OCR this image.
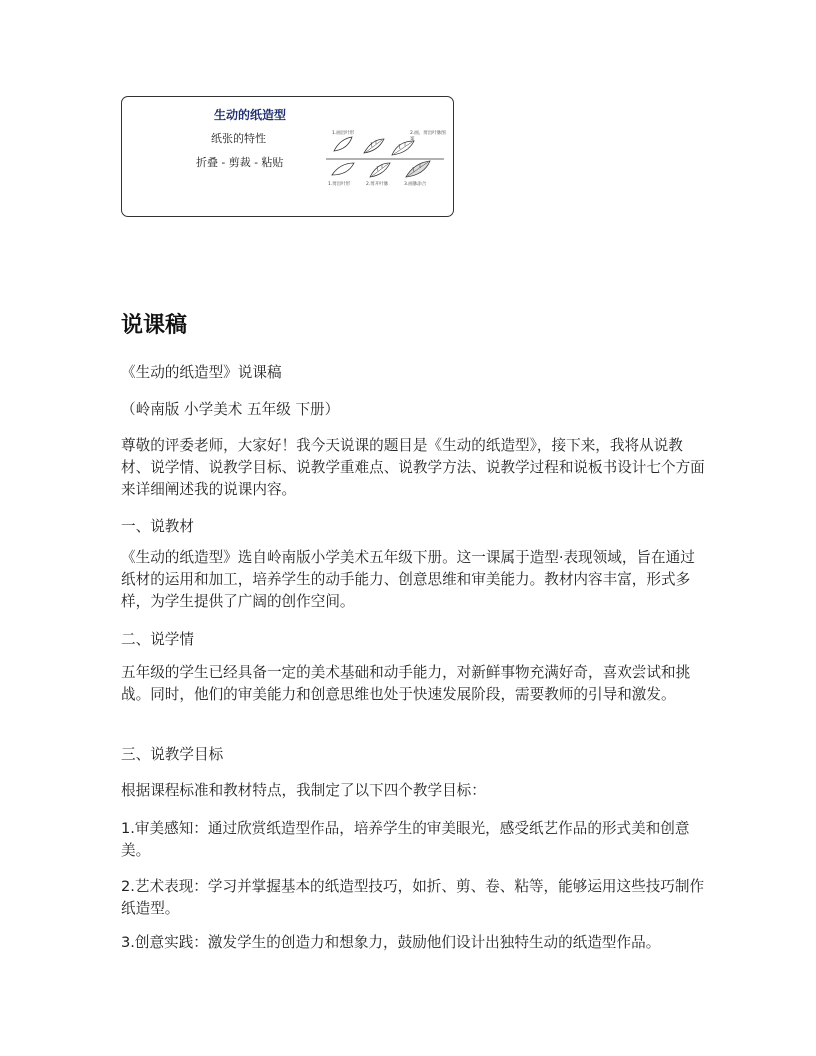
生动的纸造型
纸张的特性
折叠 - 剪裁 - 粘贴
1.画出叶形	2.画、剪出叶脉图案
1.剪出叶形	2.剪开叶脉	3.画脉添合
说课稿

《生动的纸造型》说课稿

（岭南版 小学美术 五年级 下册）

尊敬的评委老师，大家好！我今天说课的题目是《生动的纸造型》，接下来，我将从说教材、说学情、说教学目标、说教学重难点、说教学方法、说教学过程和说板书设计七个方面来详细阐述我的说课内容。

一、说教材

《生动的纸造型》选自岭南版小学美术五年级下册。这一课属于造型·表现领域，旨在通过纸材的运用和加工，培养学生的动手能力、创意思维和审美能力。教材内容丰富，形式多样，为学生提供了广阔的创作空间。

二、说学情

五年级的学生已经具备一定的美术基础和动手能力，对新鲜事物充满好奇，喜欢尝试和挑战。同时，他们的审美能力和创意思维也处于快速发展阶段，需要教师的引导和激发。

三、说教学目标

根据课程标准和教材特点，我制定了以下四个教学目标：

1.审美感知：通过欣赏纸造型作品，培养学生的审美眼光，感受纸艺作品的形式美和创意美。

2.艺术表现：学习并掌握基本的纸造型技巧，如折、剪、卷、粘等，能够运用这些技巧制作纸造型。

3.创意实践：激发学生的创造力和想象力，鼓励他们设计出独特生动的纸造型作品。
